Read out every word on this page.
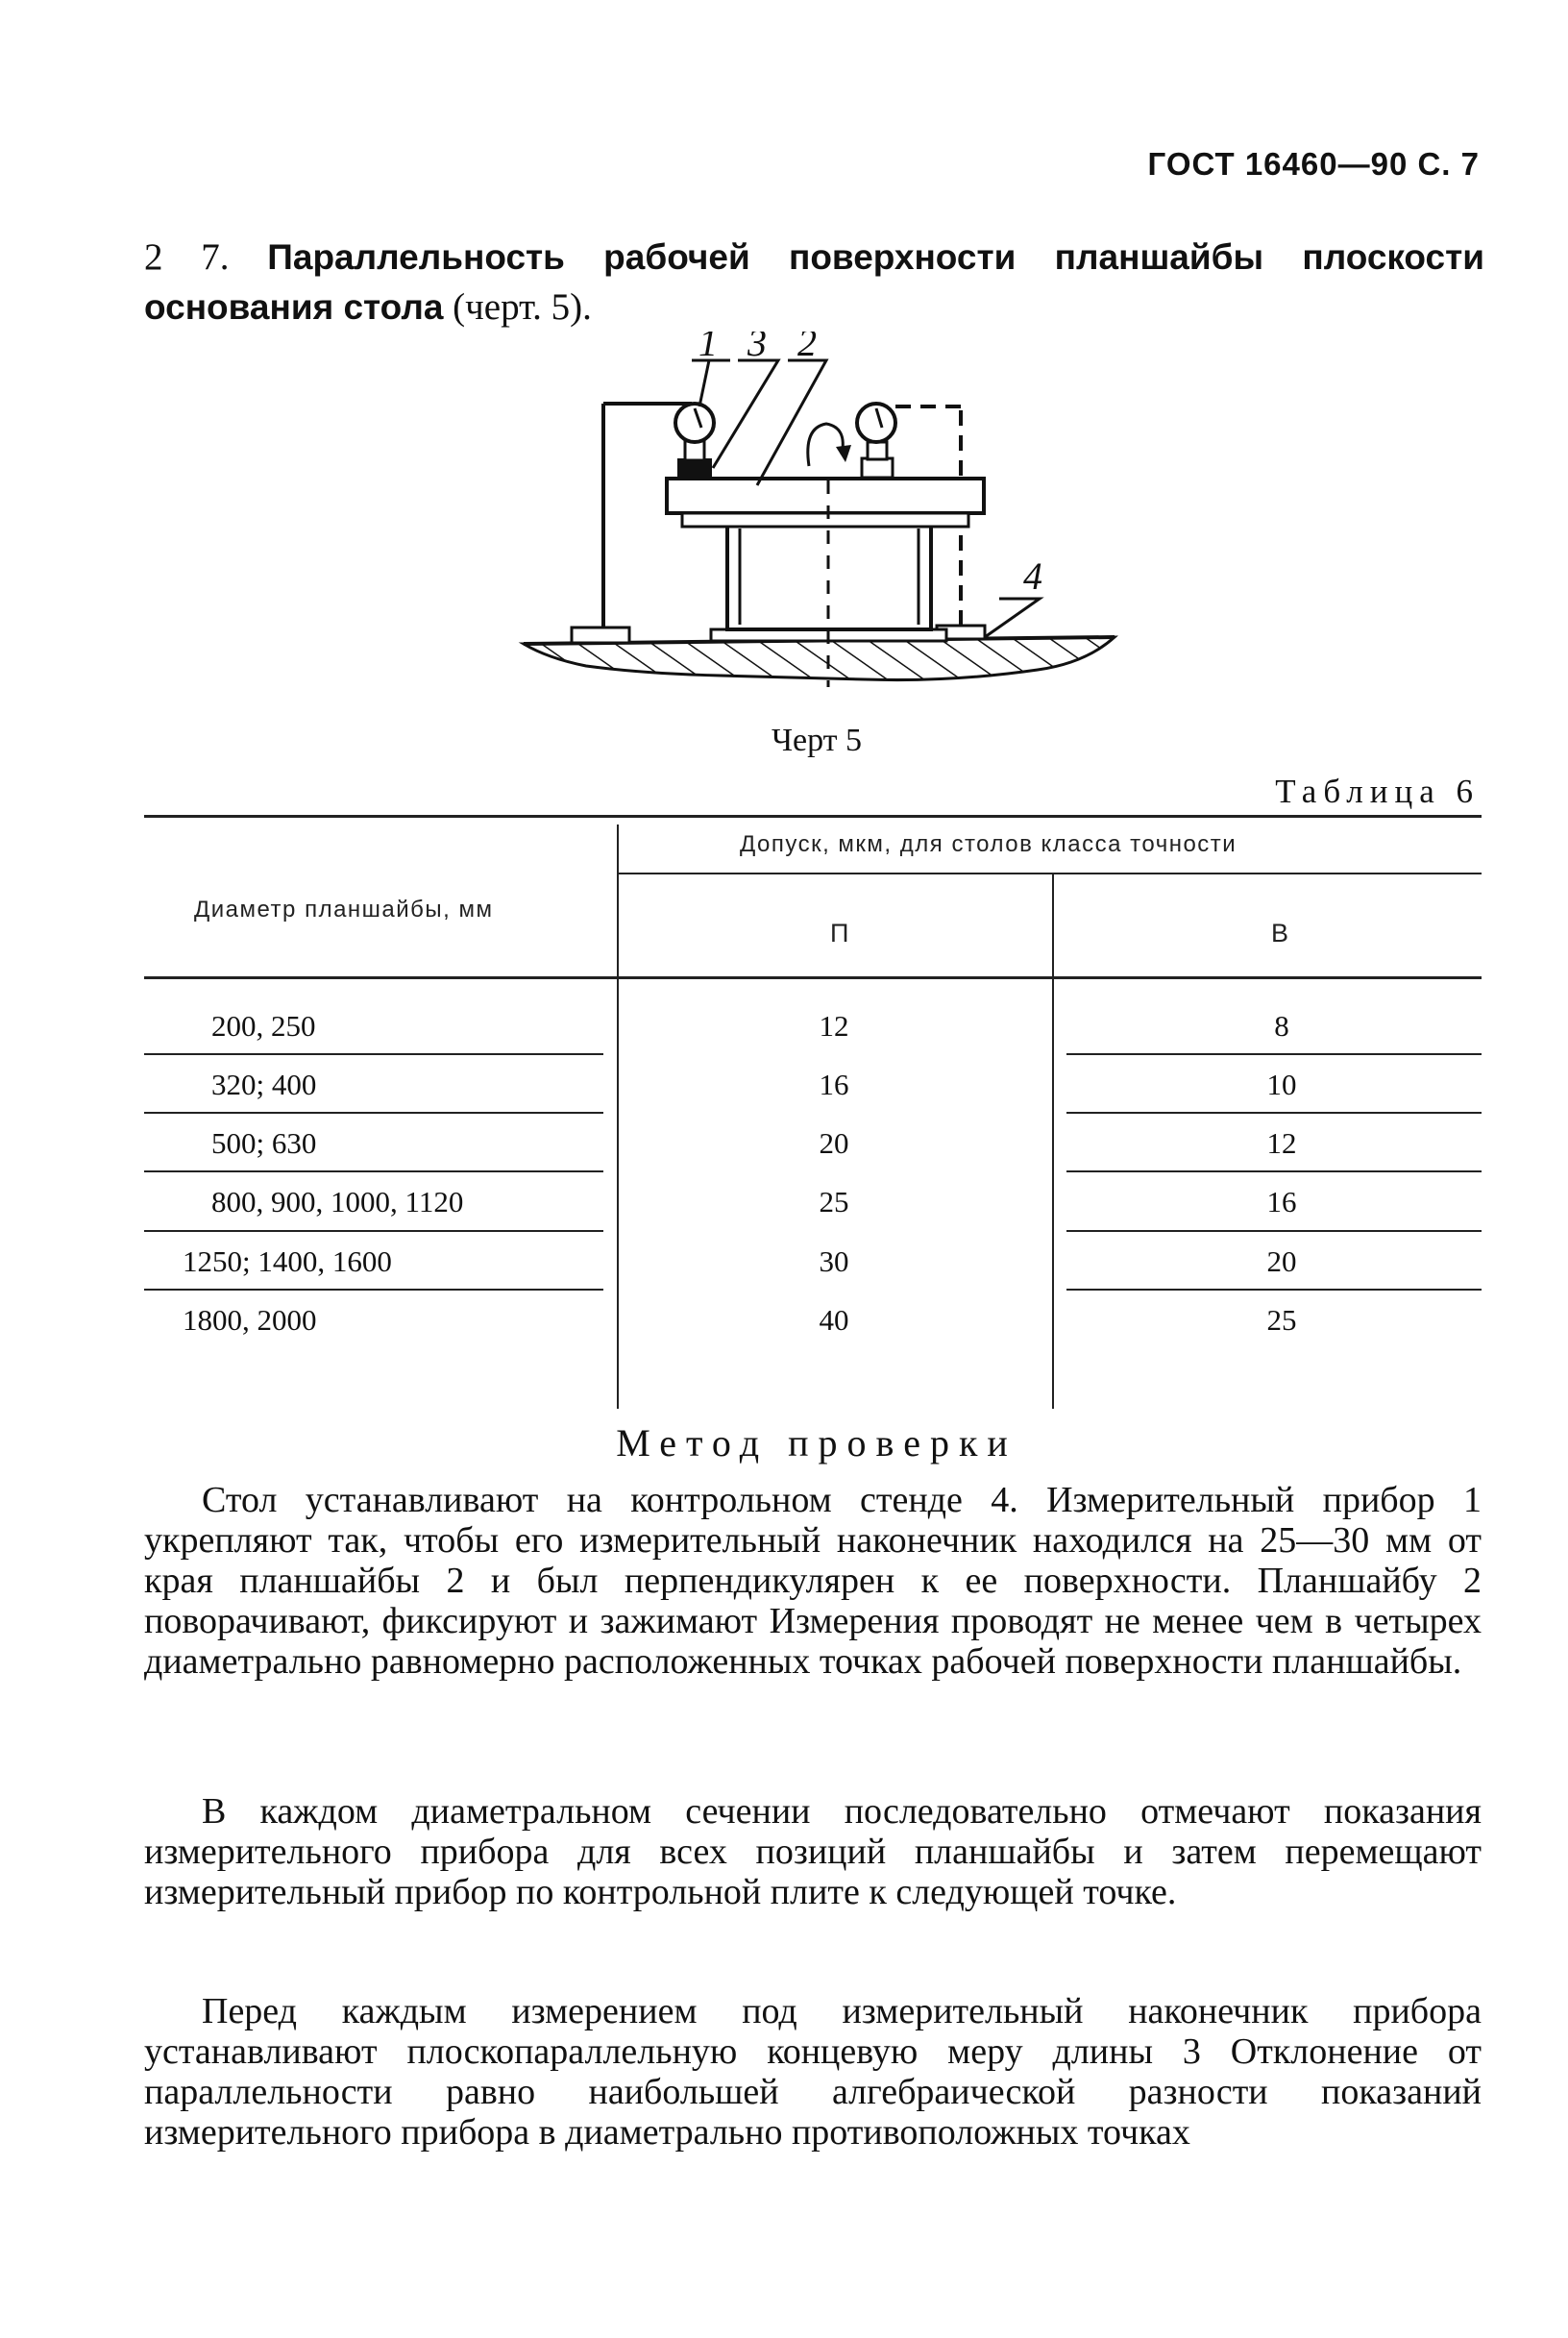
ГОСТ 16460—90 С. 7
2 7. Параллельность рабочей поверхности планшайбы плоскости основания стола (черт. 5).
1 3 2
4
Черт 5
Таблица 6
Диаметр планшайбы, мм
Допуск, мкм, для столов класса точности
П	В
200, 250	12	8
320; 400	16	10
500; 630	20	12
800, 900, 1000, 1120	25	16
1250; 1400, 1600	30	20
1800, 2000	40	25
Метод проверки
Стол устанавливают на контрольном стенде 4. Измерительный прибор 1 укрепляют так, чтобы его измерительный наконечник находился на 25—30 мм от края планшайбы 2 и был перпендикулярен к ее поверхности. Планшайбу 2 поворачивают, фиксируют и зажимают Измерения проводят не менее чем в четырех диаметрально равномерно расположенных точках рабочей поверхности планшайбы.
В каждом диаметральном сечении последовательно отмечают показания измерительного прибора для всех позиций планшайбы и затем перемещают измерительный прибор по контрольной плите к следующей точке.
Перед каждым измерением под измерительный наконечник прибора устанавливают плоскопараллельную концевую меру длины 3 Отклонение от параллельности равно наибольшей алгебраической разности показаний измерительного прибора в диаметрально противоположных точках
